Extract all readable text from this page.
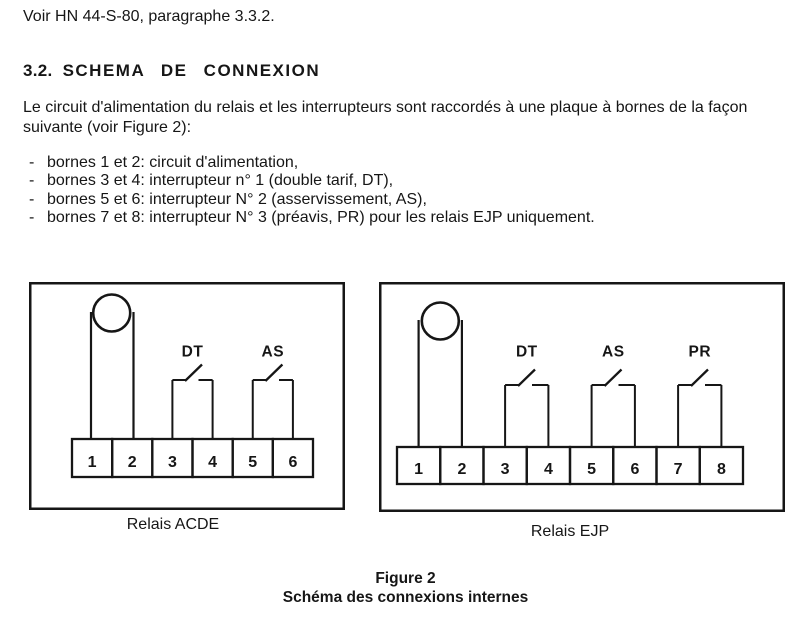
Voir HN 44-S-80, paragraphe 3.3.2.

3.2. SCHEMA DE CONNEXION

Le circuit d'alimentation du relais et les interrupteurs sont raccordés à une plaque à bornes de la façon
suivante (voir Figure 2):

- bornes 1 et 2: circuit d'alimentation,
- bornes 3 et 4: interrupteur n° 1 (double tarif, DT),
- bornes 5 et 6: interrupteur N° 2 (asservissement, AS),
- bornes 7 et 8: interrupteur N° 3 (préavis, PR) pour les relais EJP uniquement.
DT	AS
1 2 3 4 5 6
DT	AS	PR
1 2 3 4 5 6 7 8
Relais ACDE	Relais EJP
Figure 2
Schéma des connexions internes
